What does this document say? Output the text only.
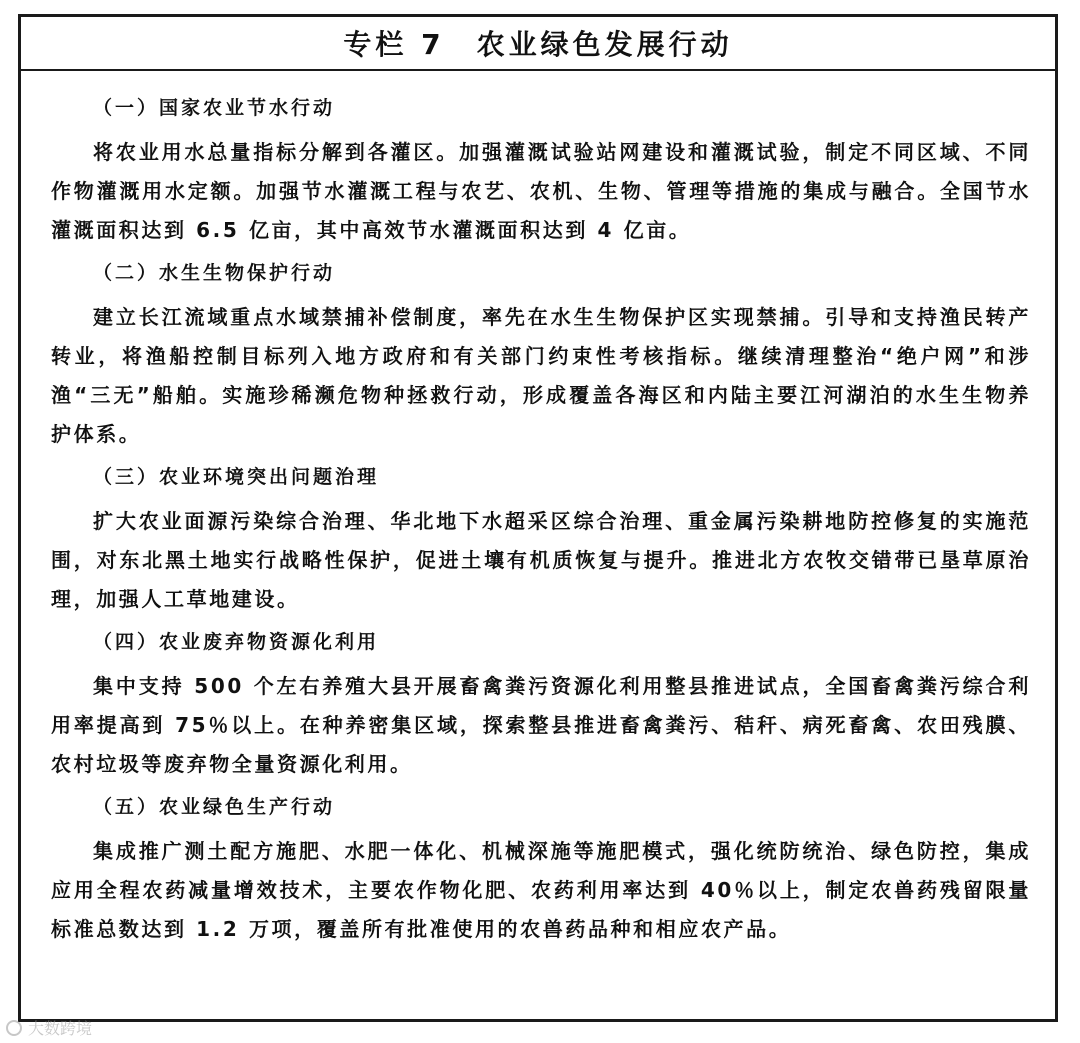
专栏 7　农业绿色发展行动
（一）国家农业节水行动

将农业用水总量指标分解到各灌区。加强灌溉试验站网建设和灌溉试验，制定不同区域、不同作物灌溉用水定额。加强节水灌溉工程与农艺、农机、生物、管理等措施的集成与融合。全国节水灌溉面积达到 6.5 亿亩，其中高效节水灌溉面积达到 4 亿亩。

（二）水生生物保护行动

建立长江流域重点水域禁捕补偿制度，率先在水生生物保护区实现禁捕。引导和支持渔民转产转业，将渔船控制目标列入地方政府和有关部门约束性考核指标。继续清理整治“绝户网”和涉渔“三无”船舶。实施珍稀濒危物种拯救行动，形成覆盖各海区和内陆主要江河湖泊的水生生物养护体系。

（三）农业环境突出问题治理

扩大农业面源污染综合治理、华北地下水超采区综合治理、重金属污染耕地防控修复的实施范围，对东北黑土地实行战略性保护，促进土壤有机质恢复与提升。推进北方农牧交错带已垦草原治理，加强人工草地建设。

（四）农业废弃物资源化利用

集中支持 500 个左右养殖大县开展畜禽粪污资源化利用整县推进试点，全国畜禽粪污综合利用率提高到 75％以上。在种养密集区域，探索整县推进畜禽粪污、秸秆、病死畜禽、农田残膜、农村垃圾等废弃物全量资源化利用。

（五）农业绿色生产行动

集成推广测土配方施肥、水肥一体化、机械深施等施肥模式，强化统防统治、绿色防控，集成应用全程农药减量增效技术，主要农作物化肥、农药利用率达到 40％以上，制定农兽药残留限量标准总数达到 1.2 万项，覆盖所有批准使用的农兽药品种和相应农产品。

大数跨境
